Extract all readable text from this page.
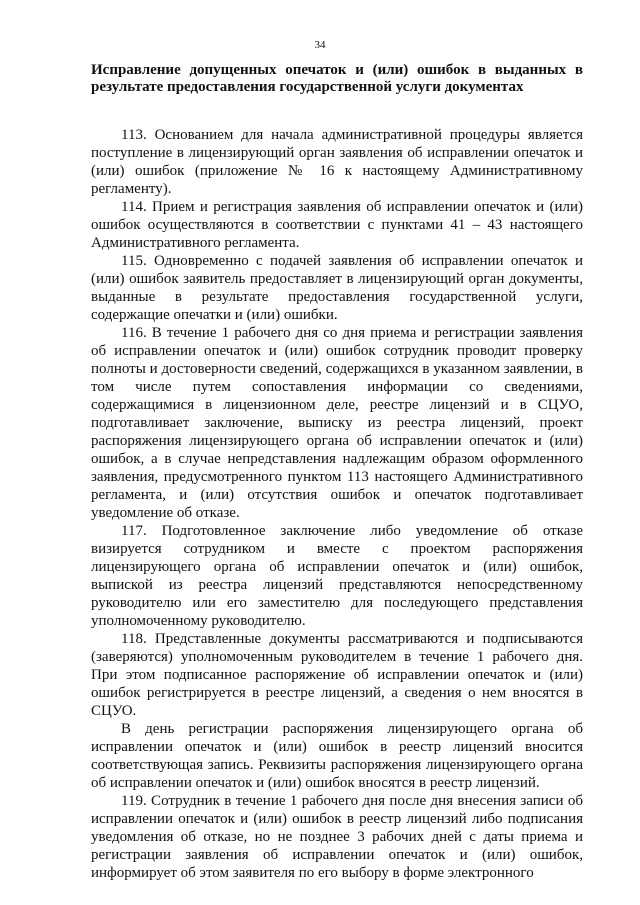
34
Исправление допущенных опечаток и (или) ошибок в выданных в результате предоставления государственной услуги документах

113. Основанием для начала административной процедуры является поступление в лицензирующий орган заявления об исправлении опечаток и (или) ошибок (приложение № 16 к настоящему Административному регламенту).

114. Прием и регистрация заявления об исправлении опечаток и (или) ошибок осуществляются в соответствии с пунктами 41 – 43 настоящего Административного регламента.

115. Одновременно с подачей заявления об исправлении опечаток и (или) ошибок заявитель предоставляет в лицензирующий орган документы, выданные в результате предоставления государственной услуги, содержащие опечатки и (или) ошибки.

116. В течение 1 рабочего дня со дня приема и регистрации заявления об исправлении опечаток и (или) ошибок сотрудник проводит проверку полноты и достоверности сведений, содержащихся в указанном заявлении, в том числе путем сопоставления информации со сведениями, содержащимися в лицензионном деле, реестре лицензий и в СЦУО, подготавливает заключение, выписку из реестра лицензий, проект распоряжения лицензирующего органа об исправлении опечаток и (или) ошибок, а в случае непредставления надлежащим образом оформленного заявления, предусмотренного пунктом 113 настоящего Административного регламента, и (или) отсутствия ошибок и опечаток подготавливает уведомление об отказе.

117. Подготовленное заключение либо уведомление об отказе визируется сотрудником и вместе с проектом распоряжения лицензирующего органа об исправлении опечаток и (или) ошибок, выпиской из реестра лицензий представляются непосредственному руководителю или его заместителю для последующего представления уполномоченному руководителю.

118. Представленные документы рассматриваются и подписываются (заверяются) уполномоченным руководителем в течение 1 рабочего дня. При этом подписанное распоряжение об исправлении опечаток и (или) ошибок регистрируется в реестре лицензий, а сведения о нем вносятся в СЦУО.

В день регистрации распоряжения лицензирующего органа об исправлении опечаток и (или) ошибок в реестр лицензий вносится соответствующая запись. Реквизиты распоряжения лицензирующего органа об исправлении опечаток и (или) ошибок вносятся в реестр лицензий.

119. Сотрудник в течение 1 рабочего дня после дня внесения записи об исправлении опечаток и (или) ошибок в реестр лицензий либо подписания уведомления об отказе, но не позднее 3 рабочих дней с даты приема и регистрации заявления об исправлении опечаток и (или) ошибок, информирует об этом заявителя по его выбору в форме электронного
